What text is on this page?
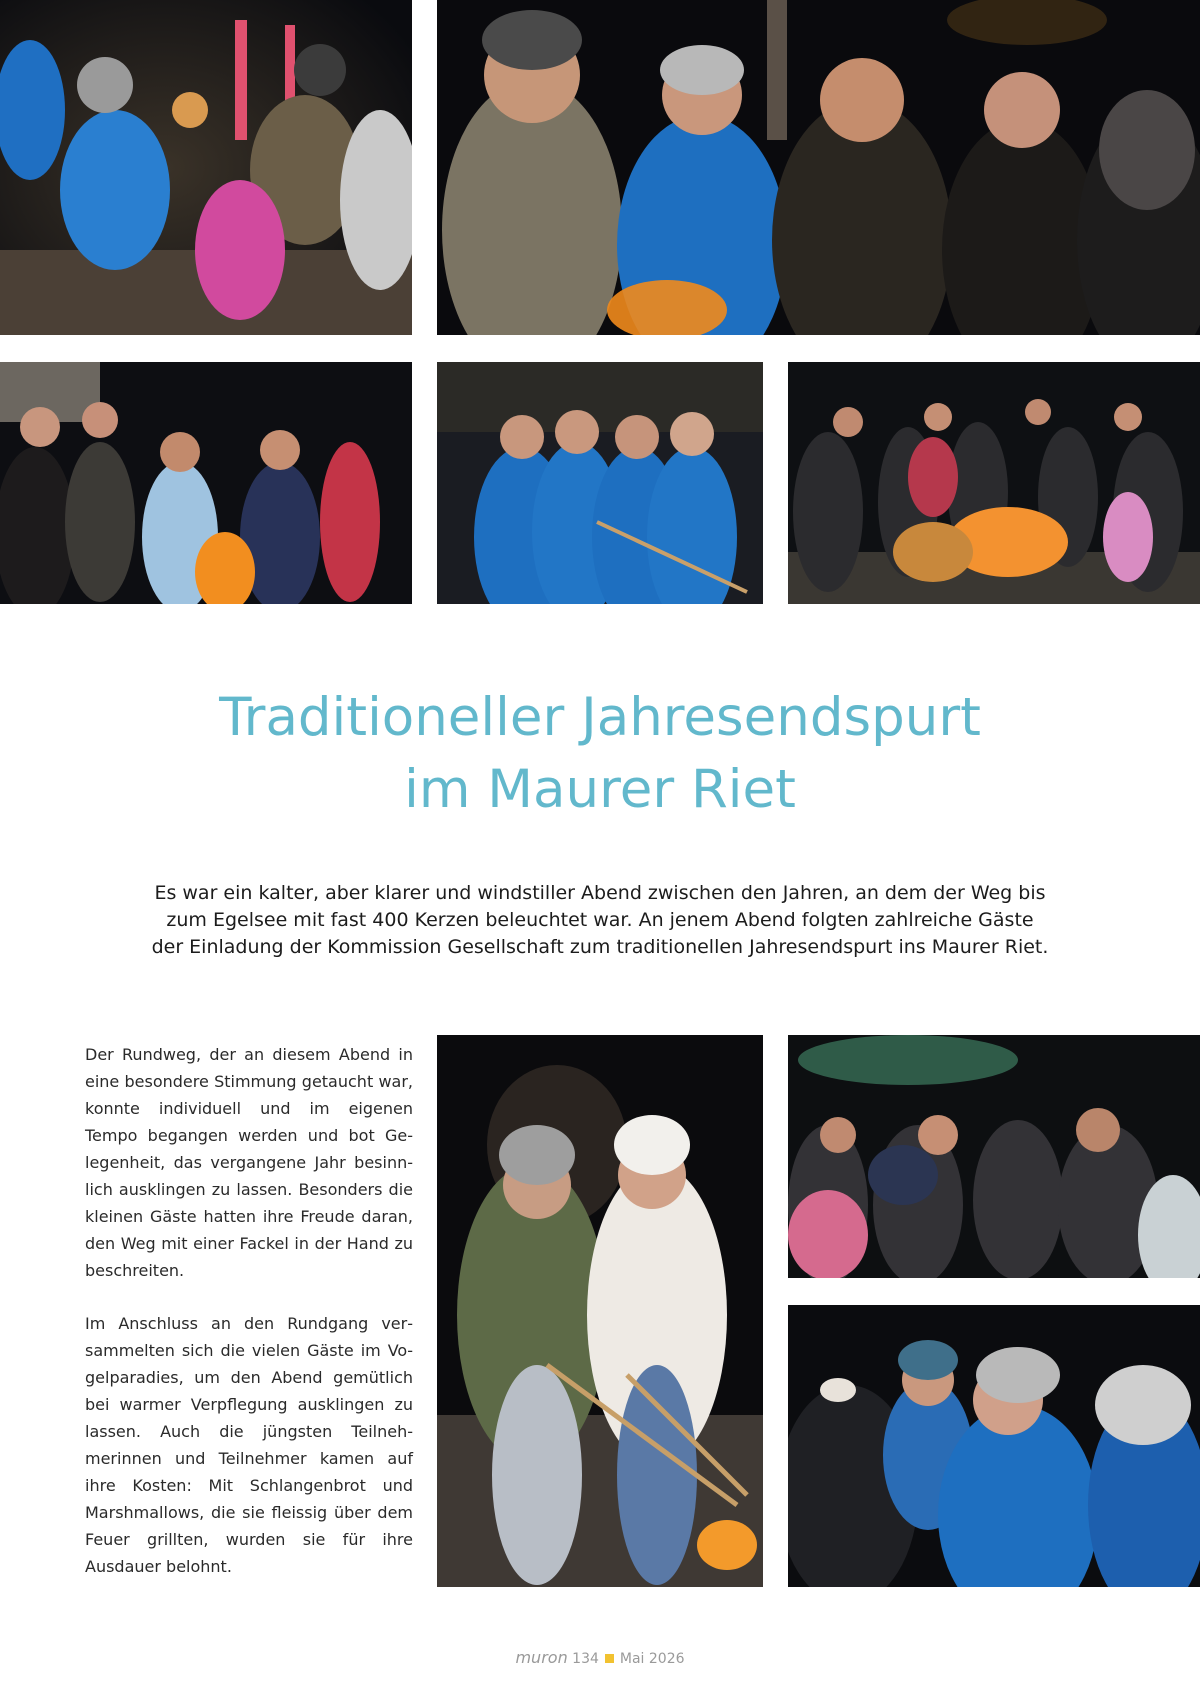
Traditioneller Jahresendspurt
im Maurer Riet

Es war ein kalter, aber klarer und windstiller Abend zwischen den Jahren, an dem der Weg bis
zum Egelsee mit fast 400 Kerzen beleuchtet war. An jenem Abend folgten zahlreiche Gäste
der Einladung der Kommission Gesellschaft zum traditionellen Jahresendspurt ins Maurer Riet.

Der Rundweg, der an diesem Abend in eine besondere Stimmung getaucht war, konnte individuell und im eigenen Tempo begangen werden und bot Gelegenheit, das vergangene Jahr besinnlich ausklingen zu lassen. Besonders die kleinen Gäste hatten ihre Freude daran, den Weg mit einer Fackel in der Hand zu beschreiten.

Im Anschluss an den Rundgang versammelten sich die vielen Gäste im Vogelparadies, um den Abend gemütlich bei warmer Verpflegung ausklingen zu lassen. Auch die jüngsten Teilnehmerinnen und Teilnehmer kamen auf ihre Kosten: Mit Schlangenbrot und Marshmallows, die sie fleissig über dem Feuer grillten, wurden sie für ihre Ausdauer belohnt.

muron 134 Mai 2026
